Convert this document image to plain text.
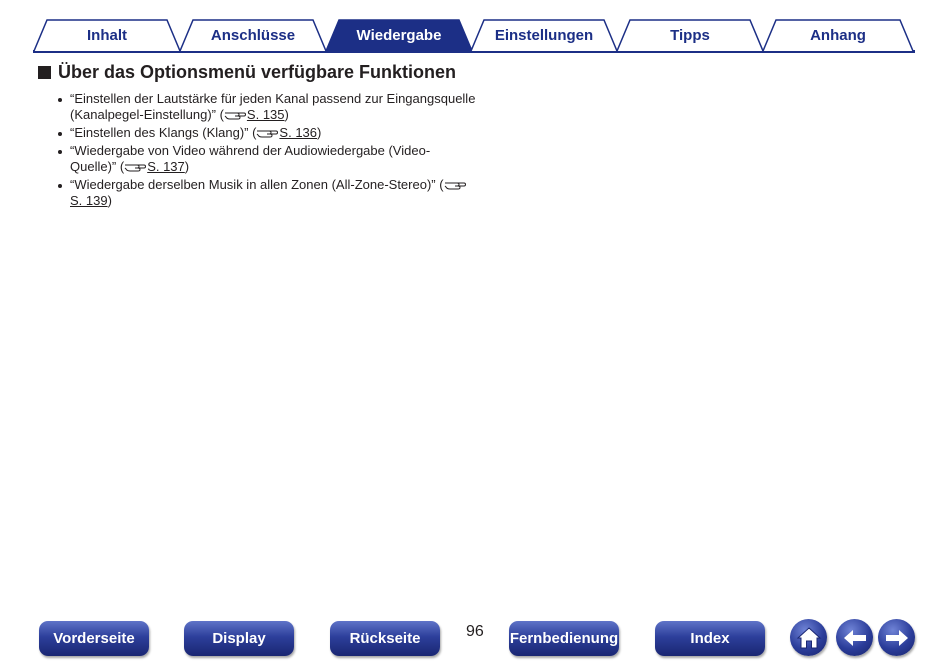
Inhalt	Anschlüsse	Wiedergabe	Einstellungen	Tipps	Anhang
Über das Optionsmenü verfügbare Funktionen
“Einstellen der Lautstärke für jeden Kanal passend zur Eingangsquelle (Kanalpegel-Einstellung)” ( S. 135)
“Einstellen des Klangs (Klang)” ( S. 136)
“Wiedergabe von Video während der Audiowiedergabe (Video-Quelle)” ( S. 137)
“Wiedergabe derselben Musik in allen Zonen (All-Zone-Stereo)” (S. 139)
Vorderseite	Display	Rückseite	96 Fernbedienung	Index
